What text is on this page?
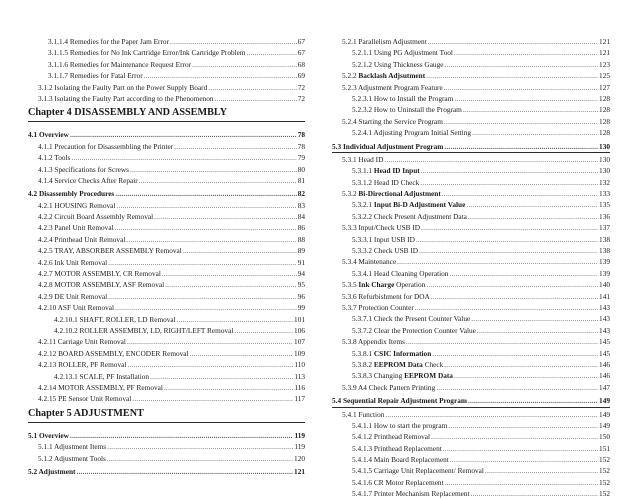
3.1.1.4 Remedies for the Paper Jam Error .....	67
3.1.1.5 Remedies for No Ink Cartridge Error/Ink Cartridge Problem .....	67
3.1.1.6 Remedies for Maintenance Request Error .....	68
3.1.1.7 Remedies for Fatal Error .....	69
3.1.2 Isolating the Faulty Part on the Power Supply Board .....	72
3.1.3 Isolating the Faulty Part according to the Phenomenon .....	72
Chapter 4 DISASSEMBLY AND ASSEMBLY
4.1 Overview .....	78
4.1.1 Precaution for Disassembling the Printer .....	78
4.1.2 Tools .....	79
4.1.3 Specifications for Screws .....	80
4.1.4 Service Checks After Repair .....	81
4.2 Disassembly Procedures .....	82
4.2.1 HOUSING Removal .....	83
4.2.2 Circuit Board Assembly Removal .....	84
4.2.3 Panel Unit Removal .....	86
4.2.4 Printhead Unit Removal .....	88
4.2.5 TRAY, ABSORBER ASSEMBLY Removal .....	89
4.2.6 Ink Unit Removal .....	91
4.2.7 MOTOR ASSEMBLY, CR Removal .....	94
4.2.8 MOTOR ASSEMBLY, ASF Removal .....	95
4.2.9 DE Unit Removal .....	96
4.2.10 ASF Unit Removal .....	99
4.2.10.1 SHAFT, ROLLER, LD Removal .....	101
4.2.10.2 ROLLER ASSEMBLY, LD, RIGHT/LEFT Removal .....	106
4.2.11 Carriage Unit Removal .....	107
4.2.12 BOARD ASSEMBLY, ENCODER Removal .....	109
4.2.13 ROLLER, PF Removal .....	110
4.2.13.1 SCALE, PF Installation .....	113
4.2.14 MOTOR ASSEMBLY, PF Removal .....	116
4.2.15 PE Sensor Unit Removal .....	117
Chapter 5 ADJUSTMENT
5.1 Overview .....	119
5.1.1 Adjustment Items .....	119
5.1.2 Adjustment Tools .....	120
5.2 Adjustment .....	121
5.2.1 Parallelism Adjustment .....	121
5.2.1.1 Using PG Adjustment Tool .....	121
5.2.1.2 Using Thickness Gauge .....	123
5.2.2 Backlash Adjsutment .....	125
5.2.3 Adjustment Program Feature .....	127
5.2.3.1 How to Install the Program .....	128
5.2.3.2 How to Uninstall the Program .....	128
5.2.4 Starting the Service Program .....	128
5.2.4.1 Adjusting Program Initial Setting .....	128
5.3 Individual Adjustment Program .....	130
5.3.1 Head ID .....	130
5.3.1.1 Head ID Input .....	130
5.3.1.2 Head ID Check .....	132
5.3.2 Bi-Directional Adjustment .....	133
5.3.2.1 Input Bi-D Adjustment Value .....	135
5.3.2.2 Check Present Adjustment Data .....	136
5.3.3 Input/Check USB ID .....	137
5.3.3.1 Input USB ID .....	138
5.3.3.2 Check USB ID .....	138
5.3.4 Maintenance .....	139
5.3.4.1 Head Cleaning Operation .....	139
5.3.5 Ink Charge Operation .....	140
5.3.6 Refurbishment for DOA .....	141
5.3.7 Protection Counter .....	143
5.3.7.1 Check the Present Counter Value .....	143
5.3.7.2 Clear the Protection Counter Value .....	143
5.3.8 Appendix Items .....	145
5.3.8.1 CSIC Information .....	145
5.3.8.2 EEPROM Data Check .....	146
5.3.8.3 Changing EEPROM Data .....	146
5.3.9 A4 Check Pattern Printing .....	147
5.4 Sequential Repair Adjustment Program .....	149
5.4.1 Function .....	149
5.4.1.1 How to start the program .....	149
5.4.1.2 Printhead Removal .....	150
5.4.1.3 Printhead Replacement .....	151
5.4.1.4 Main Board Replacement .....	152
5.4.1.5 Carriage Unit Replacement/ Removal .....	152
5.4.1.6 CR Motor Replacement .....	152
5.4.1.7 Printer Mechanism Replacement .....	152
